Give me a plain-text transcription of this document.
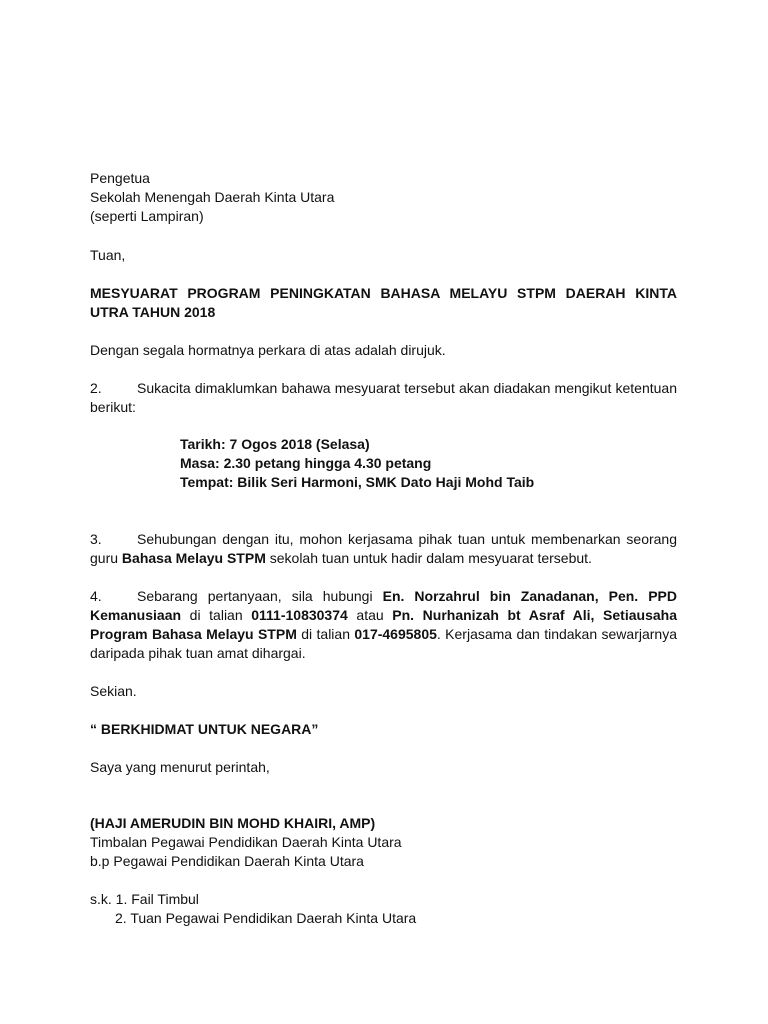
Pengetua
Sekolah Menengah Daerah Kinta Utara
(seperti Lampiran)
Tuan,
MESYUARAT PROGRAM PENINGKATAN BAHASA MELAYU STPM DAERAH KINTA UTRA TAHUN 2018
Dengan segala hormatnya perkara di atas adalah dirujuk.
2.	Sukacita dimaklumkan bahawa mesyuarat tersebut akan diadakan mengikut ketentuan berikut:
Tarikh: 7 Ogos 2018 (Selasa)
Masa: 2.30 petang hingga 4.30 petang
Tempat: Bilik Seri Harmoni, SMK Dato Haji Mohd Taib
3.	Sehubungan dengan itu, mohon kerjasama pihak tuan untuk membenarkan seorang guru Bahasa Melayu STPM sekolah tuan untuk hadir dalam mesyuarat tersebut.
4.	Sebarang pertanyaan, sila hubungi En. Norzahrul bin Zanadanan, Pen. PPD Kemanusiaan di talian 0111-10830374 atau Pn. Nurhanizah bt Asraf Ali, Setiausaha Program Bahasa Melayu STPM di talian 017-4695805. Kerjasama dan tindakan sewarjarnya daripada pihak tuan amat dihargai.
Sekian.
“ BERKHIDMAT UNTUK NEGARA”
Saya yang menurut perintah,
(HAJI AMERUDIN BIN MOHD KHAIRI, AMP)
Timbalan Pegawai Pendidikan Daerah Kinta Utara
b.p Pegawai Pendidikan Daerah Kinta Utara
s.k. 1. Fail Timbul
2. Tuan Pegawai Pendidikan Daerah Kinta Utara
